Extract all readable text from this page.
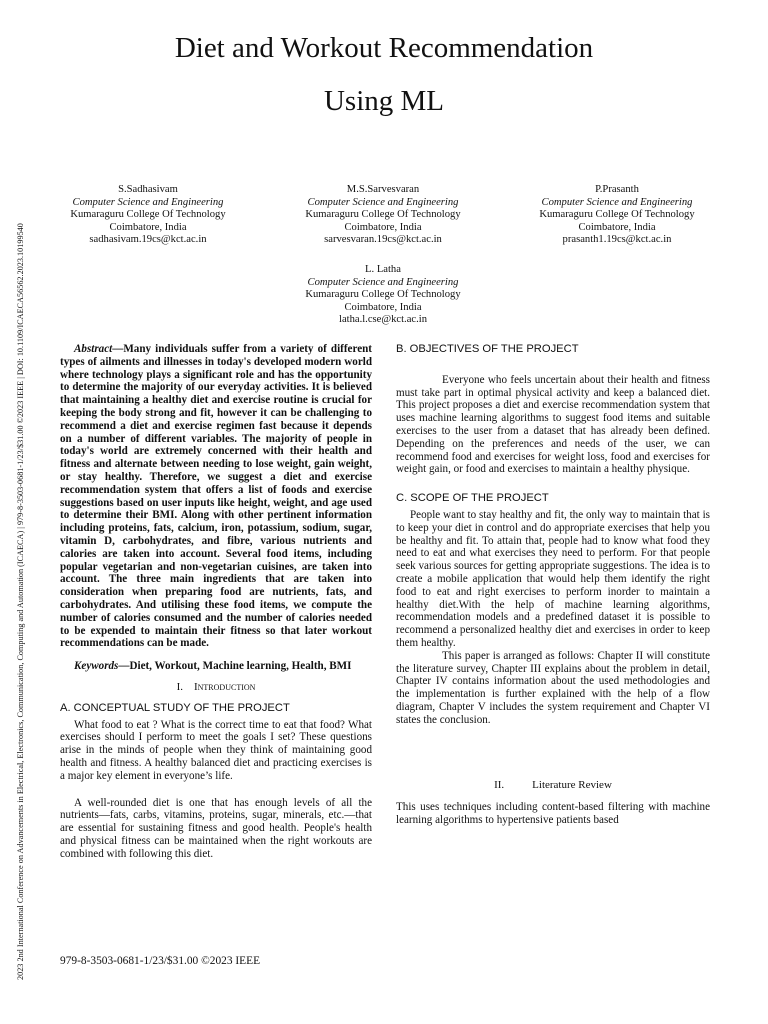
2023 2nd International Conference on Advancements in Electrical, Electronics, Communication, Computing and Automation (ICAECA) | 979-8-3503-0681-1/23/$31.00 ©2023 IEEE | DOI: 10.1109/ICAECA56562.2023.10199540
Diet and Workout Recommendation
Using ML
S.Sadhasivam
Computer Science and Engineering
Kumaraguru College Of Technology
Coimbatore, India
sadhasivam.19cs@kct.ac.in
M.S.Sarvesvaran
Computer Science and Engineering
Kumaraguru College Of Technology
Coimbatore, India
sarvesvaran.19cs@kct.ac.in
P.Prasanth
Computer Science and Engineering
Kumaraguru College Of Technology
Coimbatore, India
prasanth1.19cs@kct.ac.in
L. Latha
Computer Science and Engineering
Kumaraguru College Of Technology
Coimbatore, India
latha.l.cse@kct.ac.in

Abstract—Many individuals suffer from a variety of different types of ailments and illnesses in today's developed modern world where technology plays a significant role and has the opportunity to determine the majority of our everyday activities. It is believed that maintaining a healthy diet and exercise routine is crucial for keeping the body strong and fit, however it can be challenging to recommend a diet and exercise regimen fast because it depends on a number of different variables. The majority of people in today's world are extremely concerned with their health and fitness and alternate between needing to lose weight, gain weight, or stay healthy. Therefore, we suggest a diet and exercise recommendation system that offers a list of foods and exercise suggestions based on user inputs like height, weight, and age used to determine their BMI. Along with other pertinent information including proteins, fats, calcium, iron, potassium, sodium, sugar, vitamin D, carbohydrates, and fibre, various nutrients and calories are taken into account. Several food items, including popular vegetarian and non-vegetarian cuisines, are taken into account. The three main ingredients that are taken into consideration when preparing food are nutrients, fats, and carbohydrates. And utilising these food items, we compute the number of calories consumed and the number of calories needed to be expended to maintain their fitness so that later workout recommendations can be made.

Keywords—Diet, Workout, Machine learning, Health, BMI

I. Introduction
A. CONCEPTUAL STUDY OF THE PROJECT

What food to eat ? What is the correct time to eat that food? What exercises should I perform to meet the goals I set? These questions arise in the minds of people when they think of maintaining good health and fitness. A healthy balanced diet and practicing exercises is a major key element in everyone’s life.

A well-rounded diet is one that has enough levels of all the nutrients—fats, carbs, vitamins, proteins, sugar, minerals, etc.—that are essential for sustaining fitness and good health. People's health and physical fitness can be maintained when the right workouts are combined with following this diet.

B. OBJECTIVES OF THE PROJECT

Everyone who feels uncertain about their health and fitness must take part in optimal physical activity and keep a balanced diet. This project proposes a diet and exercise recommendation system that uses machine learning algorithms to suggest food items and suitable exercises to the user from a dataset that has already been defined. Depending on the preferences and needs of the user, we can recommend food and exercises for weight loss, food and exercises for weight gain, or food and exercises to maintain a healthy physique.

C. SCOPE OF THE PROJECT

People want to stay healthy and fit, the only way to maintain that is to keep your diet in control and do appropriate exercises that help you be healthy and fit. To attain that, people had to know what food they need to eat and what exercises they need to perform. For that people seek various sources for getting appropriate suggestions. The idea is to create a mobile application that would help them identify the right food to eat and right exercises to perform inorder to maintain a healthy diet.With the help of machine learning algorithms, recommendation models and a predefined dataset it is possible to recommend a personalized healthy diet and exercises in order to keep them healthy.

This paper is arranged as follows: Chapter II will constitute the literature survey, Chapter III explains about the problem in detail, Chapter IV contains information about the used methodologies and the implementation is further explained with the help of a flow diagram, Chapter V includes the system requirement and Chapter VI states the conclusion.

II.	Literature Review

This uses techniques including content-based filtering with machine learning algorithms to hypertensive patients based

979-8-3503-0681-1/23/$31.00 ©2023 IEEE
